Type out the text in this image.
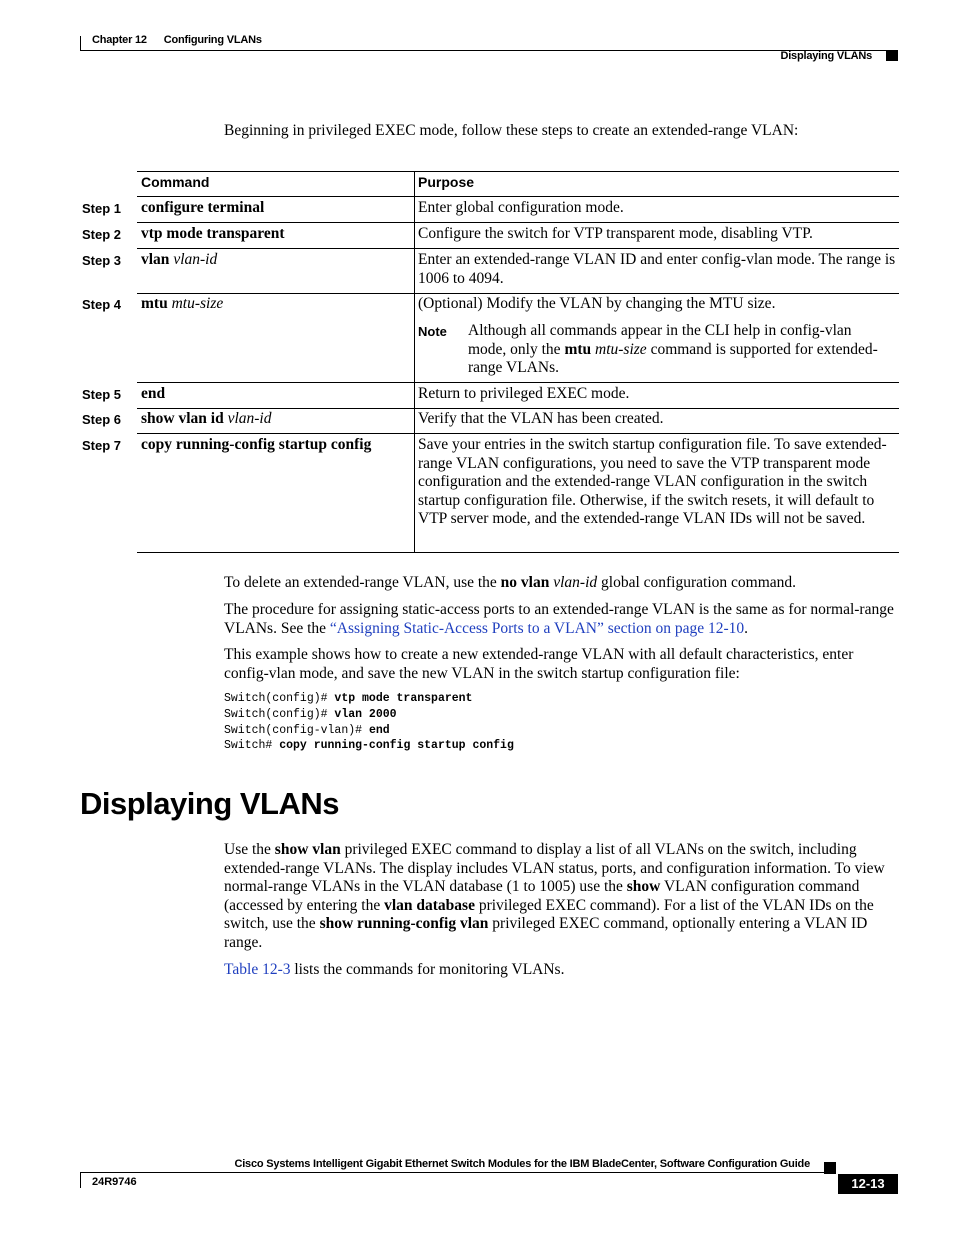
Chapter 12 Configuring VLANs
Displaying VLANs
Beginning in privileged EXEC mode, follow these steps to create an extended-range VLAN:
Command	Purpose
Step 1 configure terminal	Enter global configuration mode.
Step 2 vtp mode transparent	Configure the switch for VTP transparent mode, disabling VTP.
Step 3 vlan vlan-id	Enter an extended-range VLAN ID and enter config-vlan mode. The range is 1006 to 4094.
Step 4 mtu mtu-size	(Optional) Modify the VLAN by changing the MTU size.
Note Although all commands appear in the CLI help in config-vlan mode, only the mtu mtu-size command is supported for extended-range VLANs.
Step 5 end	Return to privileged EXEC mode.
Step 6 show vlan id vlan-id	Verify that the VLAN has been created.
Step 7 copy running-config startup config	Save your entries in the switch startup configuration file. To save extended-range VLAN configurations, you need to save the VTP transparent mode configuration and the extended-range VLAN configuration in the switch startup configuration file. Otherwise, if the switch resets, it will default to VTP server mode, and the extended-range VLAN IDs will not be saved.
To delete an extended-range VLAN, use the no vlan vlan-id global configuration command.
The procedure for assigning static-access ports to an extended-range VLAN is the same as for normal-range VLANs. See the “Assigning Static-Access Ports to a VLAN” section on page 12-10.
This example shows how to create a new extended-range VLAN with all default characteristics, enter config-vlan mode, and save the new VLAN in the switch startup configuration file:
Switch(config)# vtp mode transparent
Switch(config)# vlan 2000
Switch(config-vlan)# end
Switch# copy running-config startup config
Displaying VLANs
Use the show vlan privileged EXEC command to display a list of all VLANs on the switch, including extended-range VLANs. The display includes VLAN status, ports, and configuration information. To view normal-range VLANs in the VLAN database (1 to 1005) use the show VLAN configuration command (accessed by entering the vlan database privileged EXEC command). For a list of the VLAN IDs on the switch, use the show running-config vlan privileged EXEC command, optionally entering a VLAN ID range.
Table 12-3 lists the commands for monitoring VLANs.
Cisco Systems Intelligent Gigabit Ethernet Switch Modules for the IBM BladeCenter, Software Configuration Guide
24R9746	12-13
